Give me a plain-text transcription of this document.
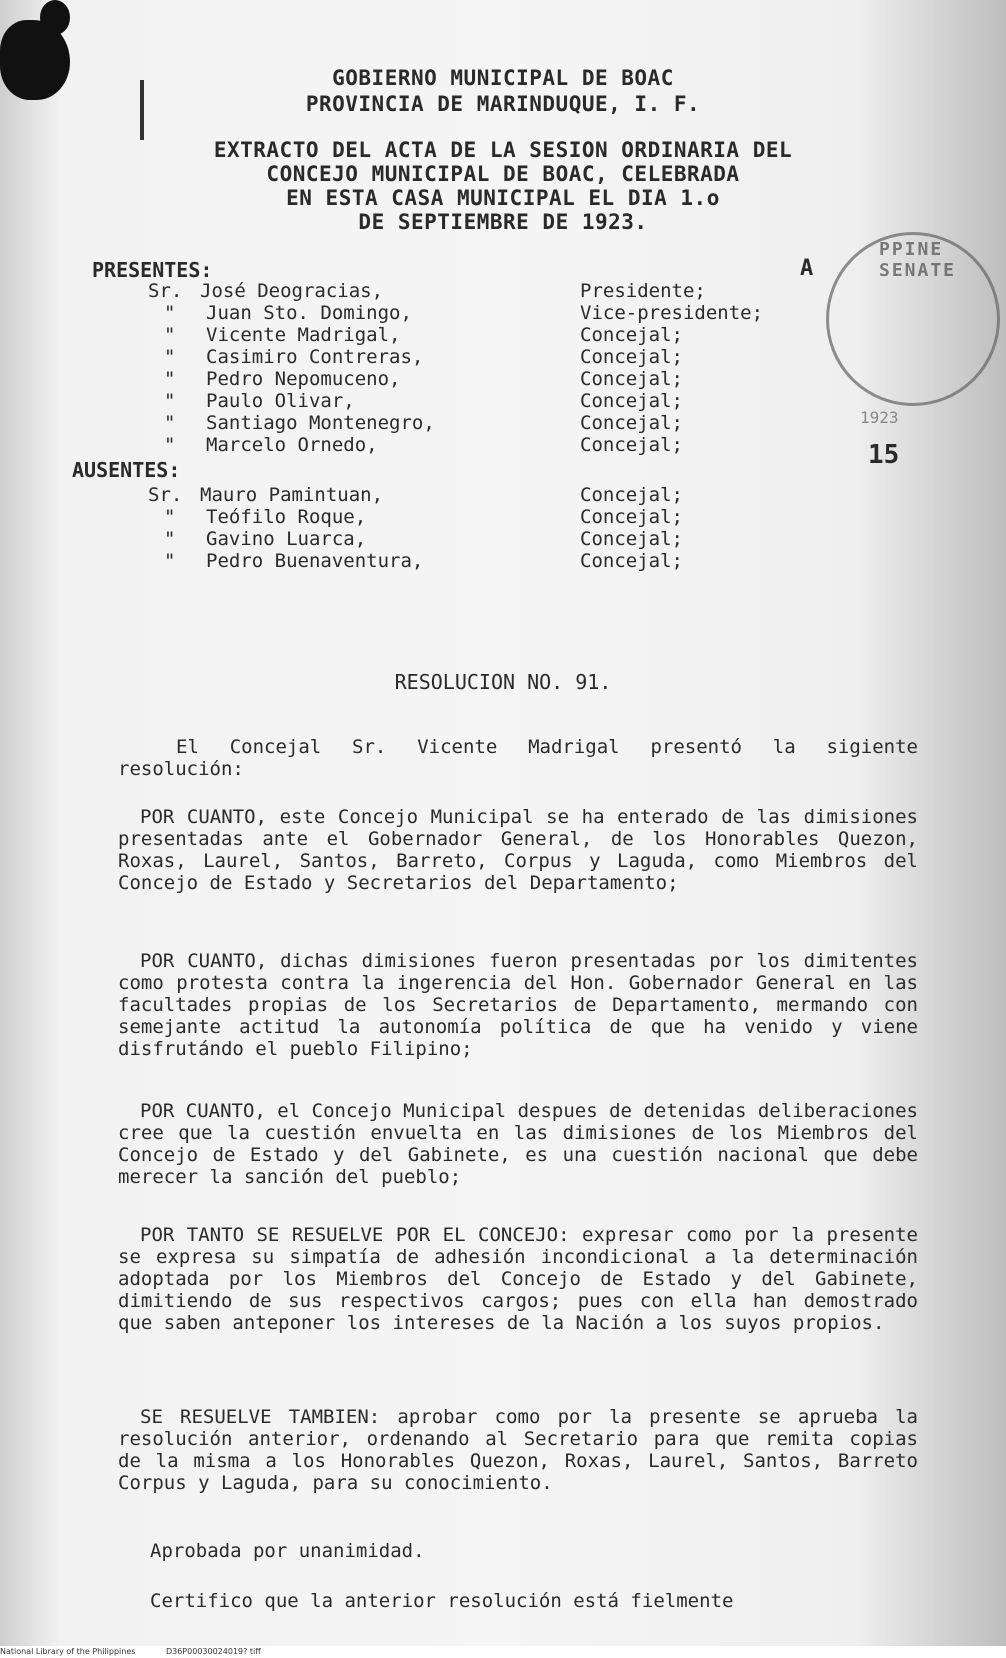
GOBIERNO MUNICIPAL DE BOAC
PROVINCIA DE MARINDUQUE, I. F.
EXTRACTO DEL ACTA DE LA SESION ORDINARIA DEL
CONCEJO MUNICIPAL DE BOAC, CELEBRADA
EN ESTA CASA MUNICIPAL EL DIA 1.o
DE SEPTIEMBRE DE 1923.
PRESENTES:
Sr. José Deogracias,	Presidente;
" Juan Sto. Domingo,	Vice-presidente;
" Vicente Madrigal,	Concejal;
" Casimiro Contreras,	Concejal;
" Pedro Nepomuceno,	Concejal;
" Paulo Olivar,	Concejal;
" Santiago Montenegro,	Concejal;
" Marcelo Ornedo,	Concejal;
AUSENTES:
Sr. Mauro Pamintuan,	Concejal;
" Teófilo Roque,	Concejal;
" Gavino Luarca,	Concejal;
" Pedro Buenaventura,	Concejal;
RESOLUCION NO. 91.
El Concejal Sr. Vicente Madrigal presentó la sigiente resolución:
POR CUANTO, este Concejo Municipal se ha enterado de las dimisiones presentadas ante el Gobernador General, de los Honorables Quezon, Roxas, Laurel, Santos, Barreto, Corpus y Laguda, como Miembros del Concejo de Estado y Secretarios del Departamento;
POR CUANTO, dichas dimisiones fueron presentadas por los dimitentes como protesta contra la ingerencia del Hon. Gobernador General en las facultades propias de los Secretarios de Departamento, mermando con semejante actitud la autonomía política de que ha venido y viene disfrutándo el pueblo Filipino;
POR CUANTO, el Concejo Municipal despues de detenidas deliberaciones cree que la cuestión envuelta en las dimisiones de los Miembros del Concejo de Estado y del Gabinete, es una cuestión nacional que debe merecer la sanción del pueblo;
POR TANTO SE RESUELVE POR EL CONCEJO: expresar como por la presente se expresa su simpatía de adhesión incondicional a la determinación adoptada por los Miembros del Concejo de Estado y del Gabinete, dimitiendo de sus respectivos cargos; pues con ella han demostrado que saben anteponer los intereses de la Nación a los suyos propios.
SE RESUELVE TAMBIEN: aprobar como por la presente se aprueba la resolución anterior, ordenando al Secretario para que remita copias de la misma a los Honorables Quezon, Roxas, Laurel, Santos, Barreto Corpus y Laguda, para su conocimiento.
Aprobada por unanimidad.
Certifico que la anterior resolución está fielmente
A
PPINE SENATE
1923
15
National Library of the Philippines	D36P00030024019? tiff
